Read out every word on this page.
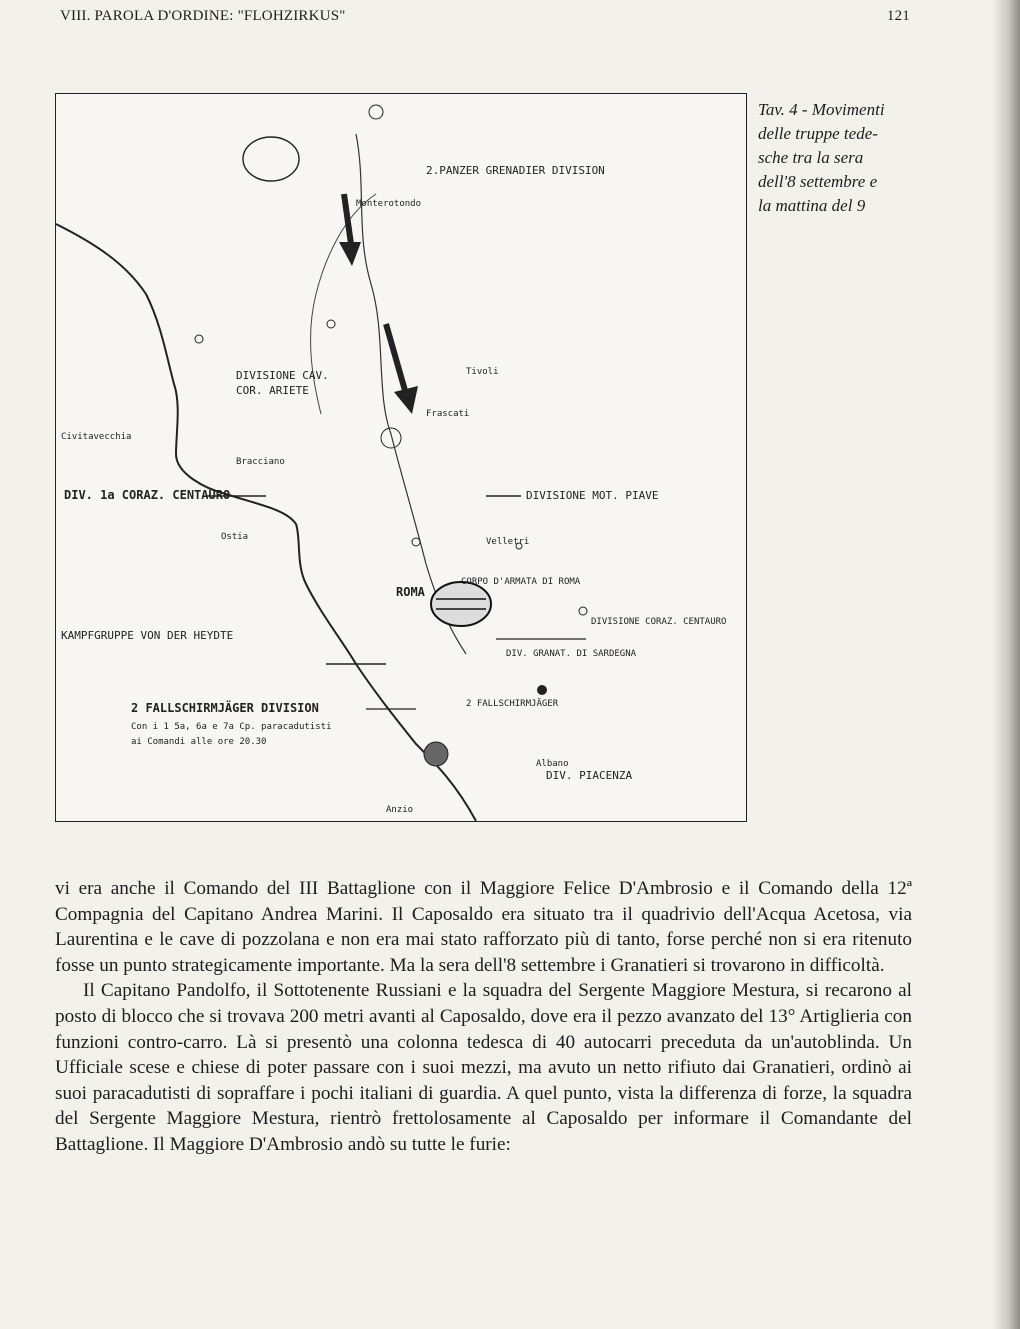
VIII. PAROLA D'ORDINE: "FLOHZIRKUS"	121
2.PANZER GRENADIER DIVISION
DIVISIONE CAV.
COR. ARIETE
DIV. 1a CORAZ. CENTAURO	DIVISIONE MOT. PIAVE
ROMA
CORPO D'ARMATA DI ROMA
KAMPFGRUPPE VON DER HEYDTE
DIVISIONE CORAZ. CENTAURO
DIV. GRANAT. DI SARDEGNA
2 FALLSCHIRMJÄGER DIVISION
Con i 1 5a, 6a e 7a Cp. paracadutisti
ai Comandi alle ore 20.30
2 FALLSCHIRMJÄGER
DIV. PIACENZA
Anzio
Bracciano
Civitavecchia
Monterotondo
Tivoli
Velletri
Frascati
Albano
Ostia
Tav. 4 - Movimenti
delle truppe tede-
sche tra la sera
dell'8 settembre e
la mattina del 9

vi era anche il Comando del III Battaglione con il Maggiore Felice D'Ambrosio e il Comando della 12ª Compagnia del Capitano Andrea Marini. Il Caposaldo era situato tra il quadrivio dell'Acqua Acetosa, via Laurentina e le cave di pozzolana e non era mai stato rafforzato più di tanto, forse perché non si era ritenuto fosse un punto strategicamente importante. Ma la sera dell'8 settembre i Granatieri si trovarono in difficoltà.

Il Capitano Pandolfo, il Sottotenente Russiani e la squadra del Sergente Maggiore Mestura, si recarono al posto di blocco che si trovava 200 metri avanti al Caposaldo, dove era il pezzo avanzato del 13° Artiglieria con funzioni contro-carro. Là si presentò una colonna tedesca di 40 autocarri preceduta da un'autoblinda. Un Ufficiale scese e chiese di poter passare con i suoi mezzi, ma avuto un netto rifiuto dai Granatieri, ordinò ai suoi paracadutisti di sopraffare i pochi italiani di guardia. A quel punto, vista la differenza di forze, la squadra del Sergente Maggiore Mestura, rientrò frettolosamente al Caposaldo per informare il Comandante del Battaglione. Il Maggiore D'Ambrosio andò su tutte le furie:
